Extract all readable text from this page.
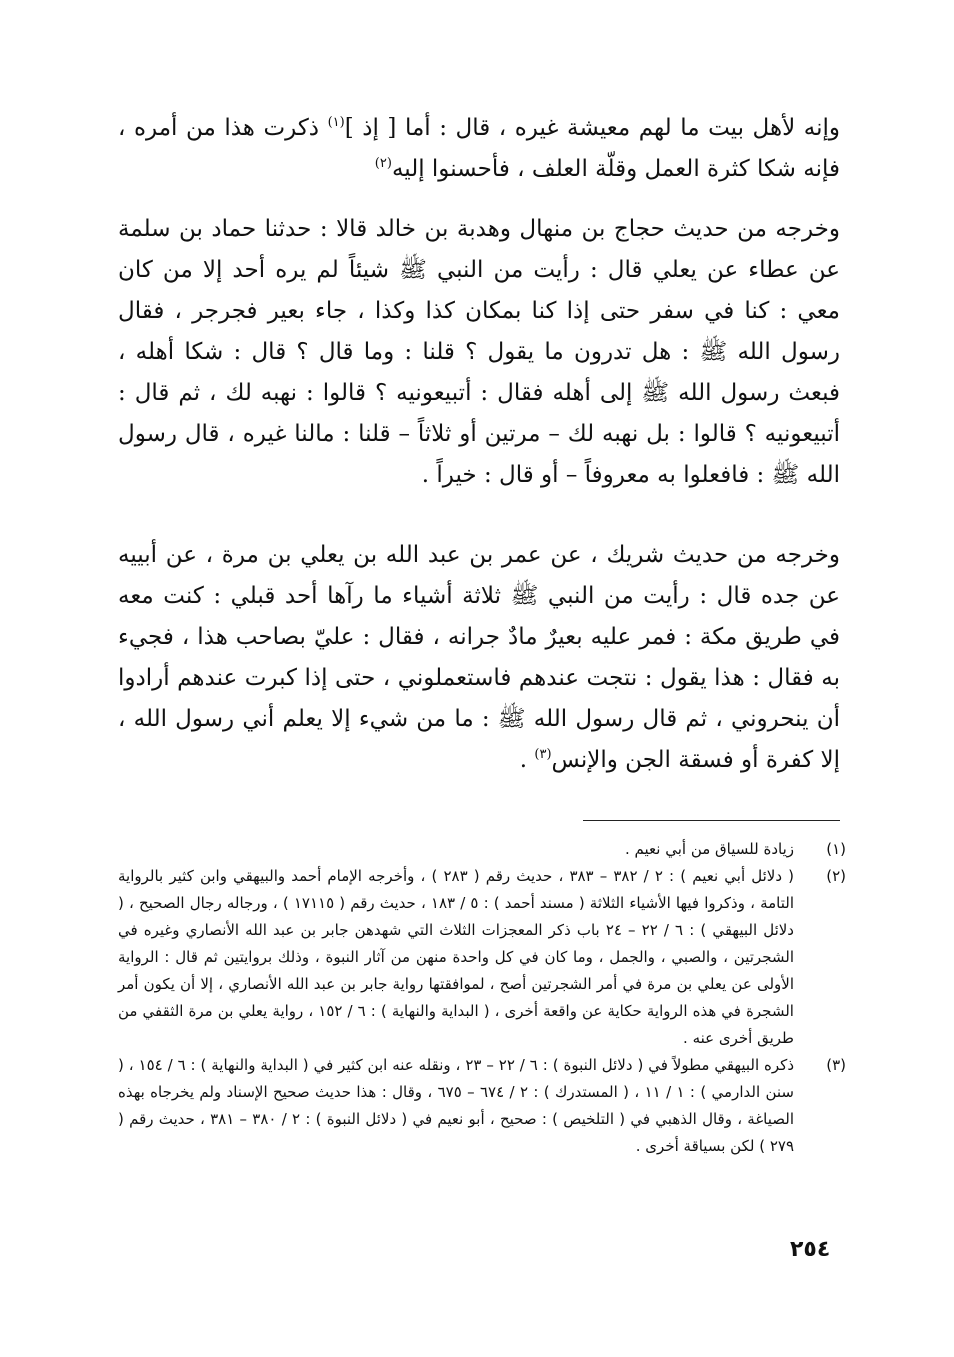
وإنه لأهل بيت ما لهم معيشة غيره ، قال : أما [ إذ ]$^{(١)}$ ذكرت هذا من أمره ، فإنه شكا كثرة العمل وقلّة العلف ، فأحسنوا إليه$^{(٢)}$

وخرجه من حديث حجاج بن منهال وهدبة بن خالد قالا : حدثنا حماد بن سلمة عن عطاء عن يعلي قال : رأيت من النبي ﷺ شيئاً لم يره أحد إلا من كان معي : كنا في سفر حتى إذا كنا بمكان كذا وكذا ، جاء بعير فجرجر ، فقال رسول الله ﷺ : هل تدرون ما يقول ؟ قلنا : وما قال ؟ قال : شكا أهله ، فبعث رسول الله ﷺ إلى أهله فقال : أتبيعونيه ؟ قالوا : نهبه لك ، ثم قال : أتبيعونيه ؟ قالوا : بل نهبه لك – مرتين أو ثلاثاً – قلنا : مالنا غيره ، قال رسول الله ﷺ : فافعلوا به معروفاً – أو قال : خيراً .

وخرجه من حديث شريك ، عن عمر بن عبد الله بن يعلي بن مرة ، عن أبييه عن جده قال : رأيت من النبي ﷺ ثلاثة أشياء ما رآها أحد قبلي : كنت معه في طريق مكة : فمر عليه بعيرٌ مادٌ جرانه ، فقال : عليّ بصاحب هذا ، فجيء به فقال : هذا يقول : نتجت عندهم فاستعملوني ، حتى إذا كبرت عندهم أرادوا أن ينحروني ، ثم قال رسول الله ﷺ : ما من شيء إلا يعلم أني رسول الله ، إلا كفرة أو فسقة الجن والإنس$^{(٣)}$ .

(١)
زيادة للسياق من أبي نعيم .
(٢)
( دلائل أبي نعيم ) : ٢ / ٣٨٢ – ٣٨٣ ، حديث رقم ( ٢٨٣ ) ، وأخرجه الإمام أحمد والبيهقي وابن كثير بالرواية التامة ، وذكروا فيها الأشياء الثلاثة ( مسند أحمد ) : ٥ / ١٨٣ ، حديث رقم ( ١٧١١٥ ) ، ورجاله رجال الصحيح ، ( دلائل البيهقي ) : ٦ / ٢٢ – ٢٤ باب ذكر المعجزات الثلاث التي شهدهن جابر بن عبد الله الأنصاري وغيره في الشجرتين ، والصبي ، والجمل ، وما كان في كل واحدة منهن من آثار النبوة ، وذلك بروايتين ثم قال : الرواية الأولى عن يعلي بن مرة في أمر الشجرتين أصح ، لموافقتها رواية جابر بن عبد الله الأنصاري ، إلا أن يكون أمر الشجرة في هذه الرواية حكاية عن واقعة أخرى ، ( البداية والنهاية ) : ٦ / ١٥٢ ، رواية يعلي بن مرة الثقفي من طريق أخرى عنه .
(٣)
ذكره البيهقي مطولاً في ( دلائل النبوة ) : ٦ / ٢٢ – ٢٣ ، ونقله عنه ابن كثير في ( البداية والنهاية ) : ٦ / ١٥٤ ، ( سنن الدارمي ) : ١ / ١١ ، ( المستدرك ) : ٢ / ٦٧٤ – ٦٧٥ ، وقال : هذا حديث صحيح الإسناد ولم يخرجاه بهذه الصياغة ، وقال الذهبي في ( التلخيص ) : صحيح ، أبو نعيم في ( دلائل النبوة ) : ٢ / ٣٨٠ – ٣٨١ ، حديث رقم ( ٢٧٩ ) لكن بسياقة أخرى .
٢٥٤
